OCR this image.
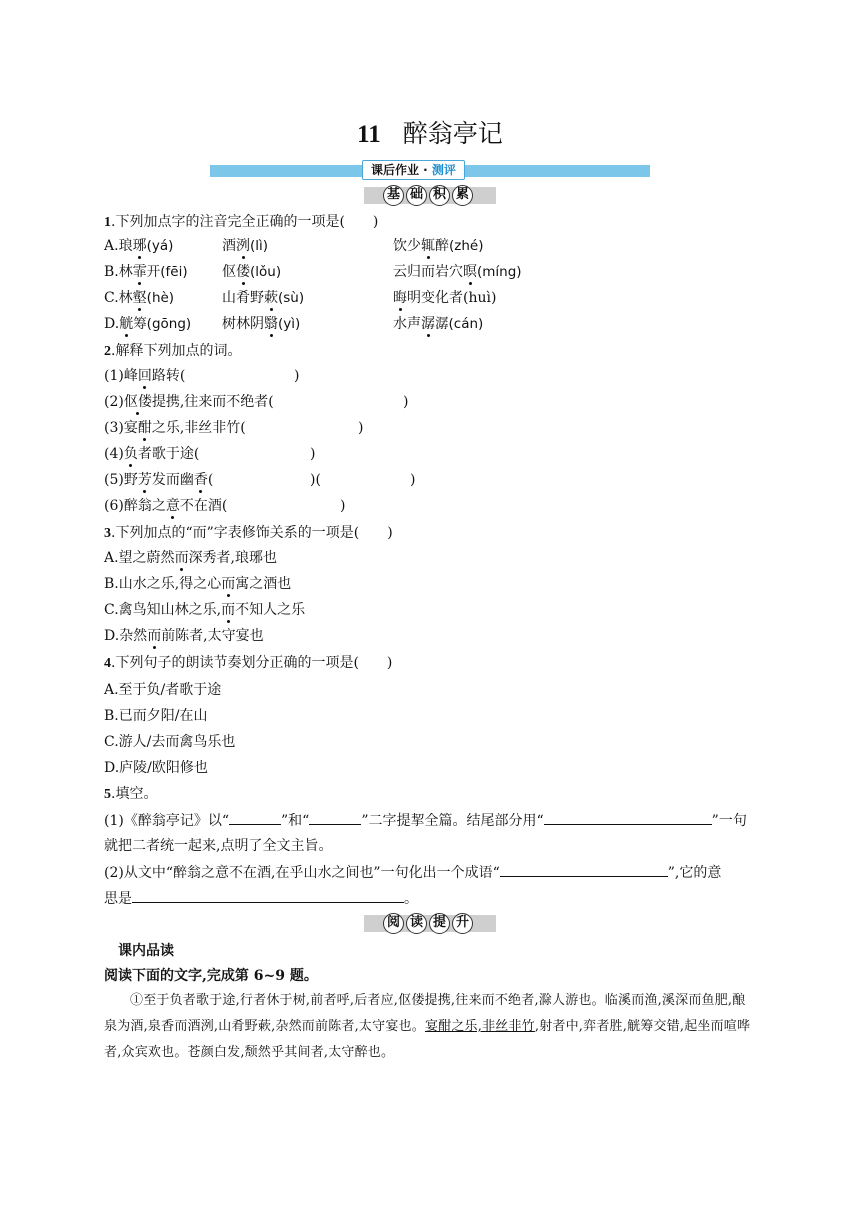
11 醉翁亭记
课后作业 · 测评
基 础 积 累
1.下列加点字的注音完全正确的一项是(　　)
A.琅琊(yá)	酒洌(lì)	饮少辄醉(zhé)
B.林霏开(fēi) 伛偻(lǒu)	云归而岩穴暝(míng)
C.林壑(hè)	山肴野蔌(sù)	晦明变化者(huì)
D.觥筹(gōng) 树林阴翳(yì)	水声潺潺(cán)
2.解释下列加点的词。
(1)峰回路转(	)
(2)伛偻提携,往来而不绝者(	)
(3)宴酣之乐,非丝非竹(	)
(4)负者歌于途(	)
(5)野芳发而幽香(	)(	)
(6)醉翁之意不在酒(	)
3.下列加点的“而”字表修饰关系的一项是(　　)
A.望之蔚然而深秀者,琅琊也
B.山水之乐,得之心而寓之酒也
C.禽鸟知山林之乐,而不知人之乐
D.杂然而前陈者,太守宴也
4.下列句子的朗读节奏划分正确的一项是(　　)
A.至于负/者歌于途
B.已而夕阳/在山
C.游人/去而禽鸟乐也
D.庐陵/欧阳修也
5.填空。
(1)《醉翁亭记》以“	”和“	”二字提挈全篇。结尾部分用“	”一句
就把二者统一起来,点明了全文主旨。
(2)从文中“醉翁之意不在酒,在乎山水之间也”一句化出一个成语“	”,它的意
思是	。
阅 读 提 升
课内品读
阅读下面的文字,完成第 6~9 题。
①至于负者歌于途,行者休于树,前者呼,后者应,伛偻提携,往来而不绝者,滁人游也。临溪而渔,溪深而鱼肥,酿泉为酒,泉香而酒洌,山肴野蔌,杂然而前陈者,太守宴也。宴酣之乐,非丝非竹,射者中,弈者胜,觥筹交错,起坐而喧哗者,众宾欢也。苍颜白发,颓然乎其间者,太守醉也。
